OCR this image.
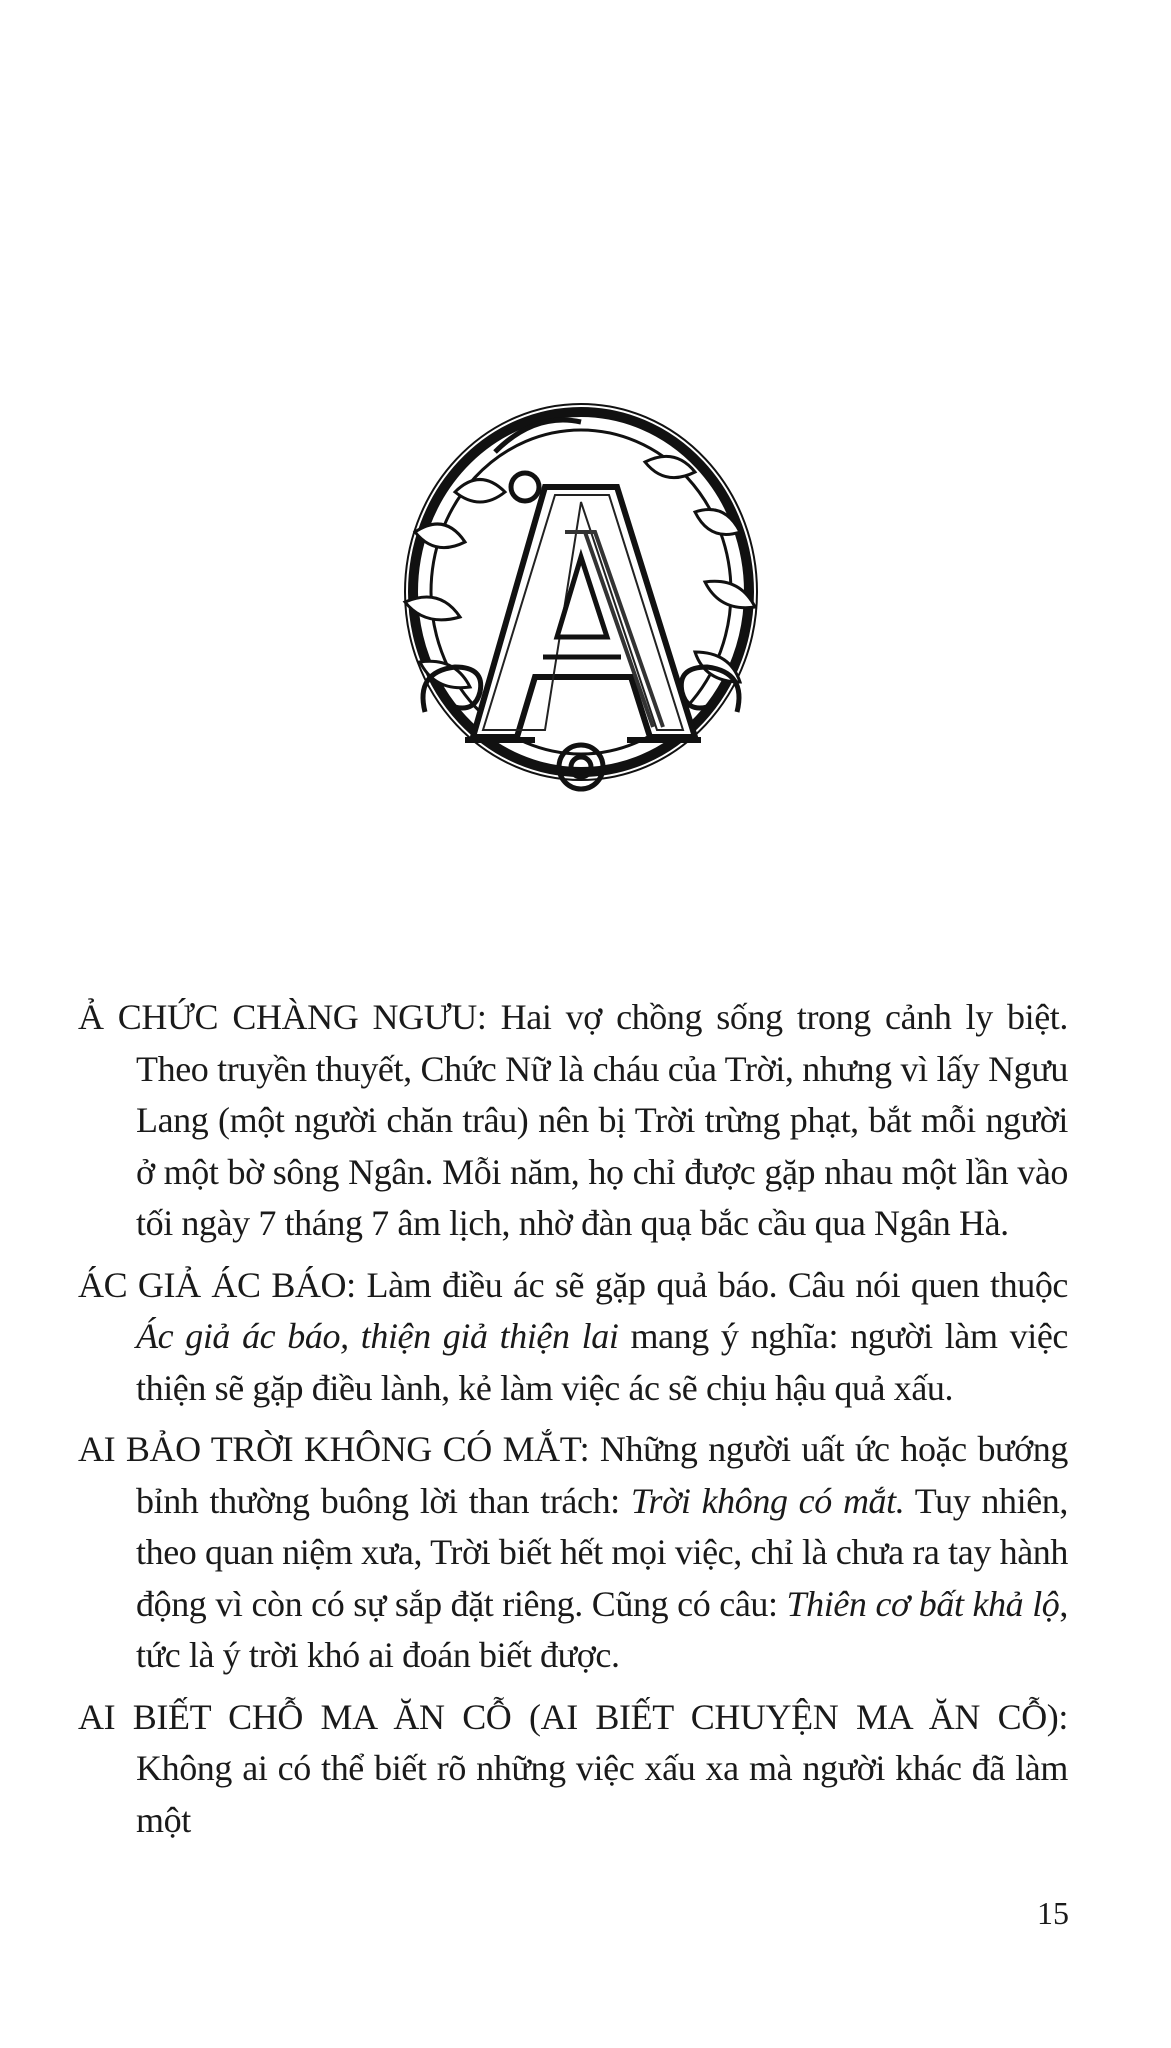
Ả CHỨC CHÀNG NGƯU: Hai vợ chồng sống trong cảnh ly biệt. Theo truyền thuyết, Chức Nữ là cháu của Trời, nhưng vì lấy Ngưu Lang (một người chăn trâu) nên bị Trời trừng phạt, bắt mỗi người ở một bờ sông Ngân. Mỗi năm, họ chỉ được gặp nhau một lần vào tối ngày 7 tháng 7 âm lịch, nhờ đàn quạ bắc cầu qua Ngân Hà.

ÁC GIẢ ÁC BÁO: Làm điều ác sẽ gặp quả báo. Câu nói quen thuộc Ác giả ác báo, thiện giả thiện lai mang ý nghĩa: người làm việc thiện sẽ gặp điều lành, kẻ làm việc ác sẽ chịu hậu quả xấu.

AI BẢO TRỜI KHÔNG CÓ MẮT: Những người uất ức hoặc bướng bỉnh thường buông lời than trách: Trời không có mắt. Tuy nhiên, theo quan niệm xưa, Trời biết hết mọi việc, chỉ là chưa ra tay hành động vì còn có sự sắp đặt riêng. Cũng có câu: Thiên cơ bất khả lộ, tức là ý trời khó ai đoán biết được.

AI BIẾT CHỖ MA ĂN CỖ (AI BIẾT CHUYỆN MA ĂN CỖ): Không ai có thể biết rõ những việc xấu xa mà người khác đã làm một

15
